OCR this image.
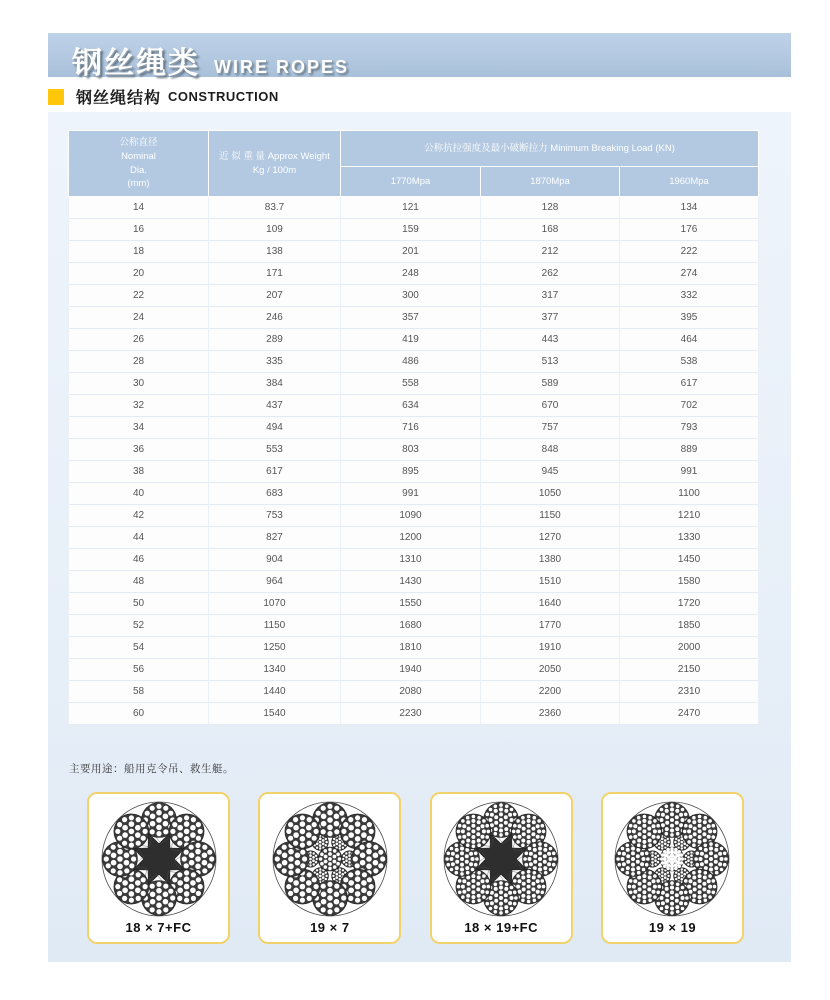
钢丝绳类 WIRE ROPES
钢丝绳结构 CONSTRUCTION
公称直径
Nominal
Dia.
(mm)

近 似 重 量 Approx Weight
Kg / 100m
	公称抗拉强度及最小破断拉力 Minimum Breaking Load (KN)
		1770Mpa	1870Mpa	1960Mpa
14	83.7	121	128	134
16	109	159	168	176
18	138	201	212	222
20	171	248	262	274
22	207	300	317	332
24	246	357	377	395
26	289	419	443	464
28	335	486	513	538
30	384	558	589	617
32	437	634	670	702
34	494	716	757	793
36	553	803	848	889
38	617	895	945	991
40	683	991	1050	1100
42	753	1090	1150	1210
44	827	1200	1270	1330
46	904	1310	1380	1450
48	964	1430	1510	1580
50	1070	1550	1640	1720
52	1150	1680	1770	1850
54	1250	1810	1910	2000
56	1340	1940	2050	2150
58	1440	2080	2200	2310
60	1540	2230	2360	2470
主要用途：船用克令吊、救生艇。
18 × 7+FC	19 × 7	18 × 19+FC	19 × 19
